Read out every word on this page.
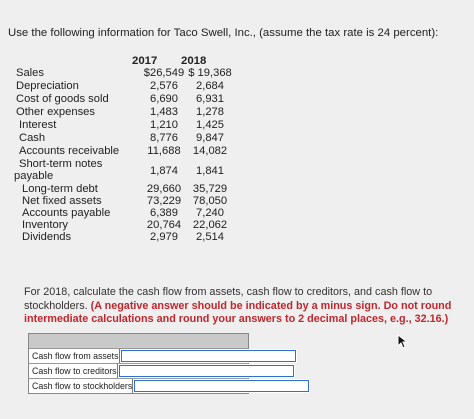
Use the following information for Taco Swell, Inc., (assume the tax rate is 24 percent):
2017 2018
Sales	$26,549 $ 19,368
Depreciation	2,576	2,684
Cost of goods sold	6,690	6,931
Other expenses	1,483	1,278
Interest	1,210	1,425
Cash	8,776	9,847
Accounts receivable	11,688	14,082
Short-term notes
payable	1,874	1,841
Long-term debt	29,660	35,729
Net fixed assets	73,229	78,050
Accounts payable	6,389	7,240
Inventory	20,764	22,062
Dividends	2,979	2,514
For 2018, calculate the cash flow from assets, cash flow to creditors, and cash flow to stockholders. (A negative answer should be indicated by a minus sign. Do not round intermediate calculations and round your answers to 2 decimal places, e.g., 32.16.)
Cash flow from assets
Cash flow to creditors
Cash flow to stockholders
